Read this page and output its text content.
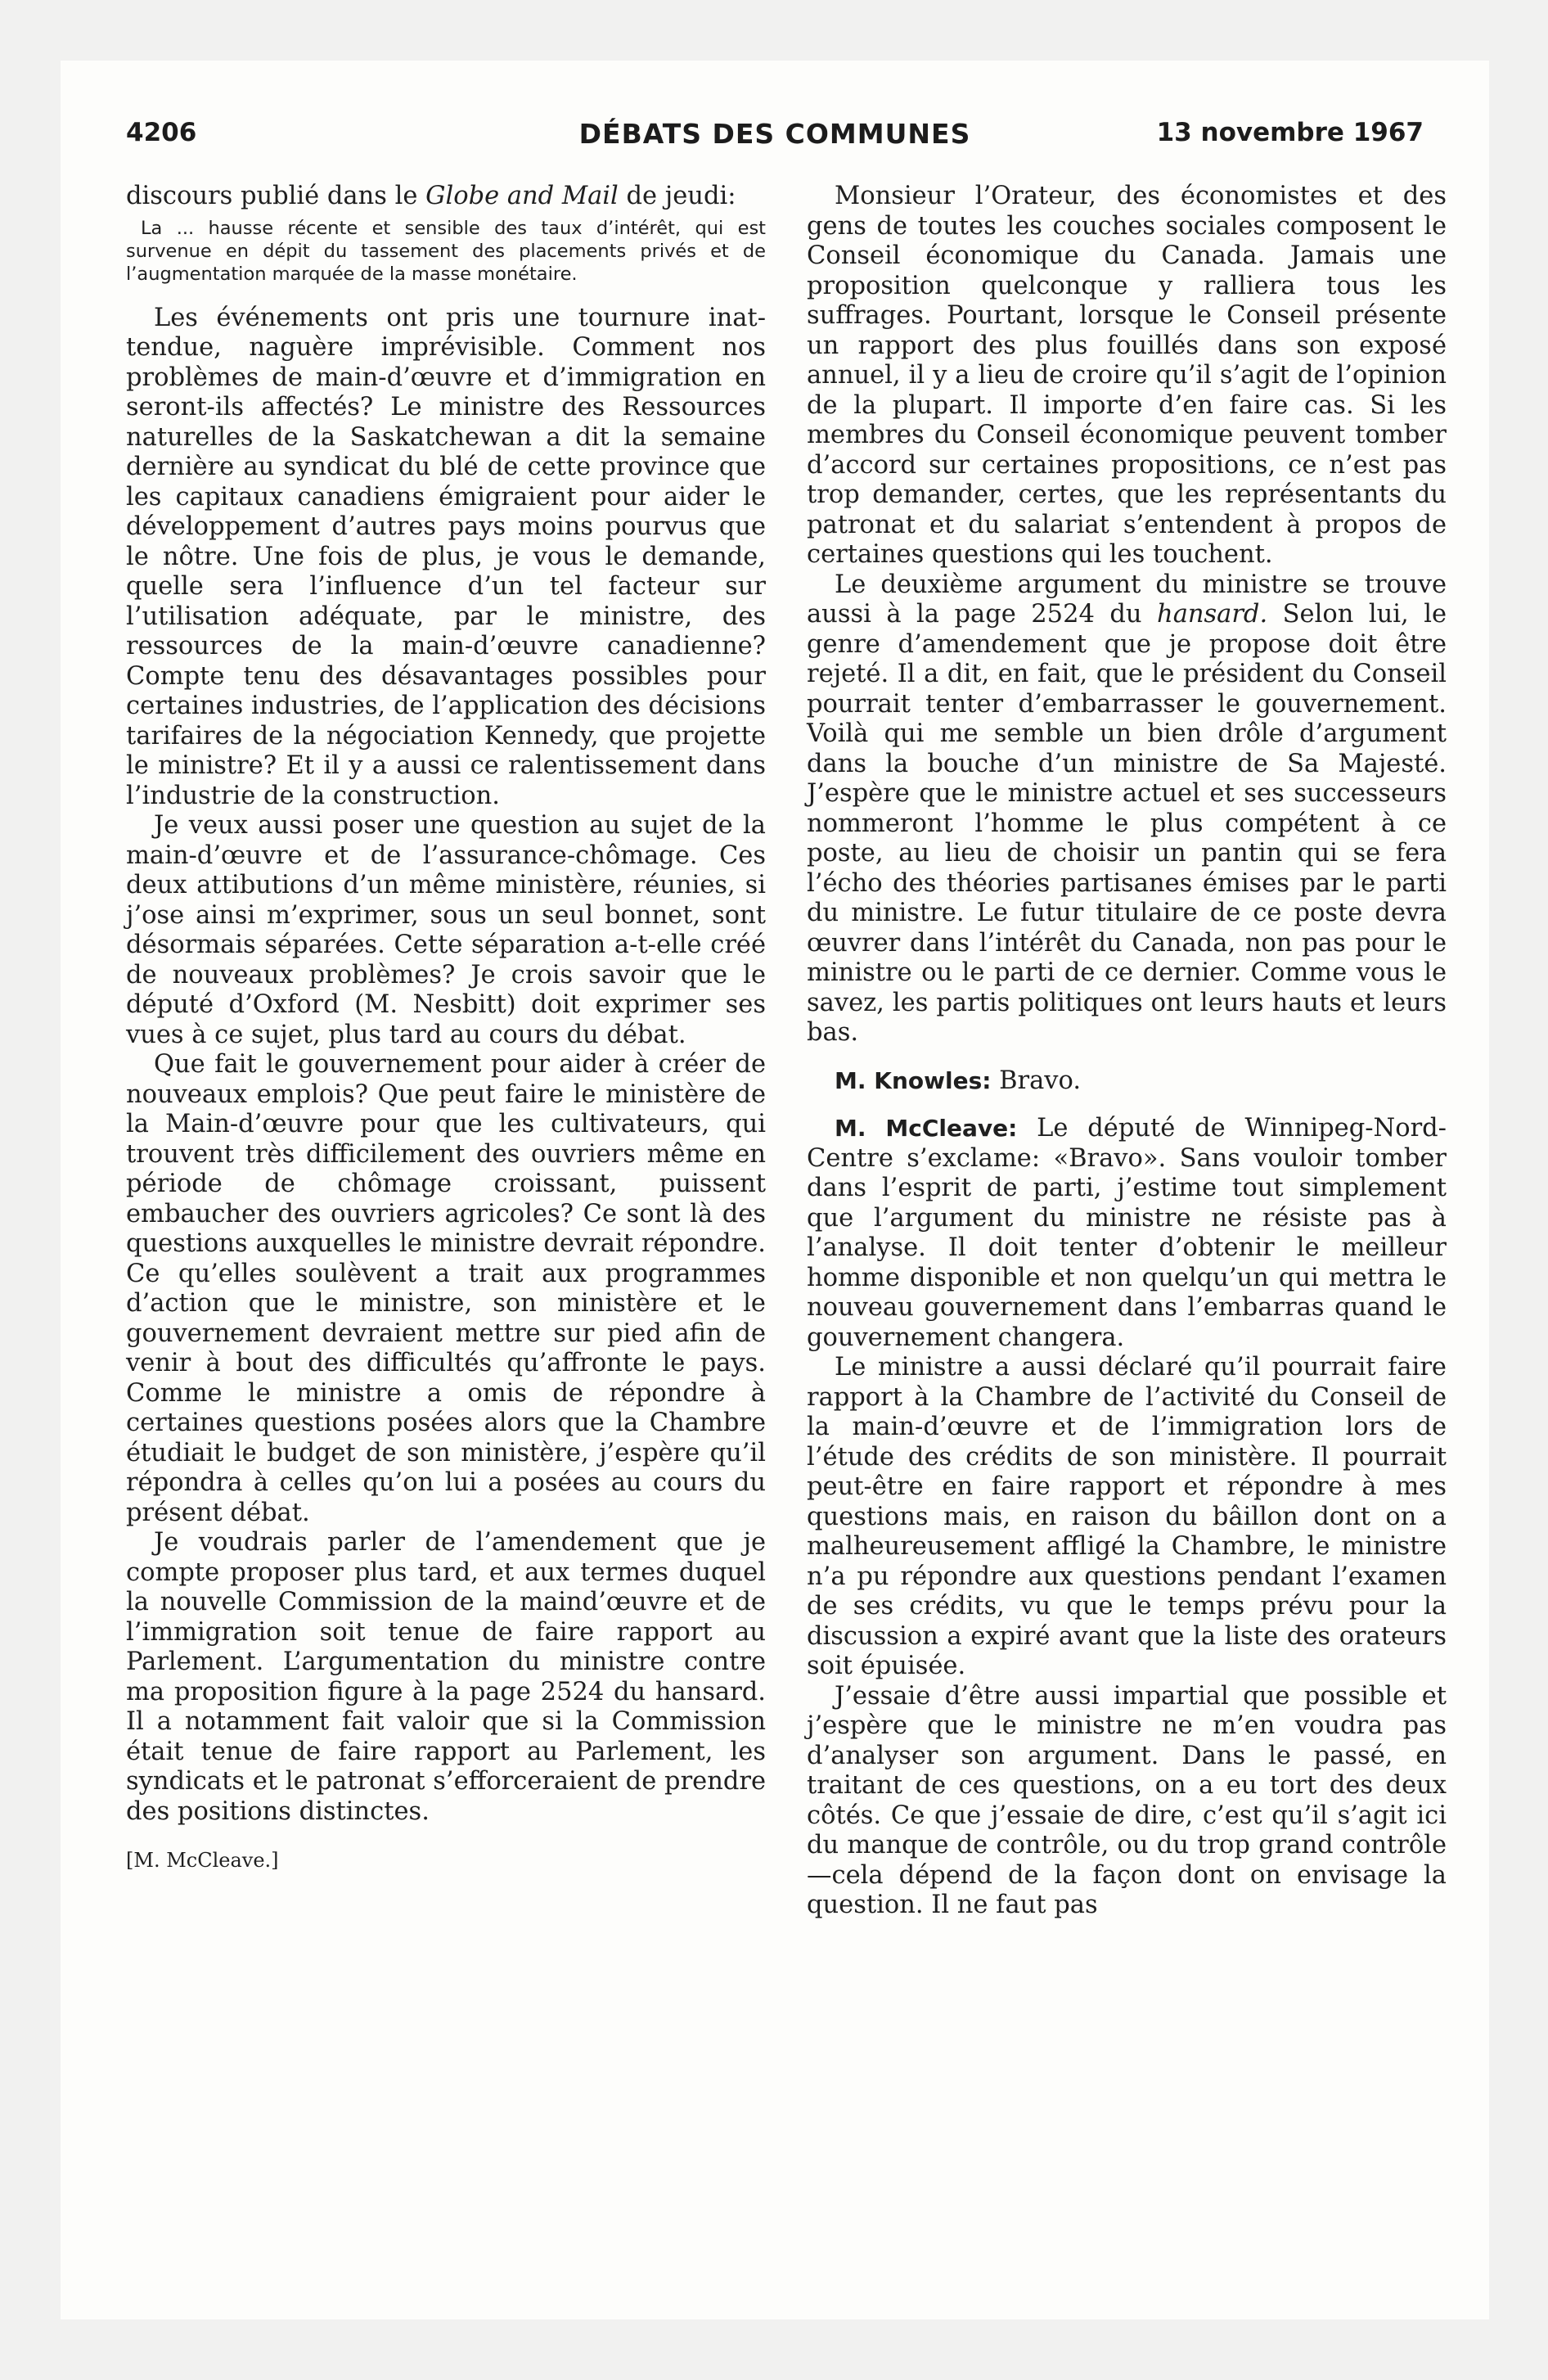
4206	DÉBATS DES COMMUNES	13 novembre 1967

discours publié dans le Globe and Mail de jeudi:

La ... hausse récente et sensible des taux d’intérêt, qui est survenue en dépit du tassement des placements privés et de l’augmentation marquée de la masse monétaire.

Les événements ont pris une tournure inattendue, naguère imprévisible. Comment nos problèmes de main-d’œuvre et d’immigration en seront-ils affectés? Le ministre des Ressources naturelles de la Saskatchewan a dit la semaine dernière au syndicat du blé de cette province que les capitaux canadiens émigraient pour aider le développement d’autres pays moins pourvus que le nôtre. Une fois de plus, je vous le demande, quelle sera l’influence d’un tel facteur sur l’utilisation adéquate, par le ministre, des ressources de la main-d’œuvre canadienne? Compte tenu des désavantages possibles pour certaines industries, de l’application des décisions tarifaires de la négociation Kennedy, que projette le ministre? Et il y a aussi ce ralentissement dans l’industrie de la construction.

Je veux aussi poser une question au sujet de la main-d’œuvre et de l’assurance-chômage. Ces deux attibutions d’un même ministère, réunies, si j’ose ainsi m’exprimer, sous un seul bonnet, sont désormais séparées. Cette séparation a-t-elle créé de nouveaux problèmes? Je crois savoir que le député d’Oxford (M. Nesbitt) doit exprimer ses vues à ce sujet, plus tard au cours du débat.

Que fait le gouvernement pour aider à créer de nouveaux emplois? Que peut faire le ministère de la Main-d’œuvre pour que les cultivateurs, qui trouvent très difficilement des ouvriers même en période de chômage croissant, puissent embaucher des ouvriers agricoles? Ce sont là des questions auxquelles le ministre devrait répondre. Ce qu’elles soulèvent a trait aux programmes d’action que le ministre, son ministère et le gouvernement devraient mettre sur pied afin de venir à bout des difficultés qu’affronte le pays. Comme le ministre a omis de répondre à certaines questions posées alors que la Chambre étudiait le budget de son ministère, j’espère qu’il répondra à celles qu’on lui a posées au cours du présent débat.

Je voudrais parler de l’amendement que je compte proposer plus tard, et aux termes duquel la nouvelle Commission de la maind’œuvre et de l’immigration soit tenue de faire rapport au Parlement. L’argumentation du ministre contre ma proposition figure à la page 2524 du hansard. Il a notamment fait valoir que si la Commission était tenue de faire rapport au Parlement, les syndicats et le patronat s’efforceraient de prendre des positions distinctes.

[M. McCleave.]

Monsieur l’Orateur, des économistes et des gens de toutes les couches sociales composent le Conseil économique du Canada. Jamais une proposition quelconque y ralliera tous les suffrages. Pourtant, lorsque le Conseil présente un rapport des plus fouillés dans son exposé annuel, il y a lieu de croire qu’il s’agit de l’opinion de la plupart. Il importe d’en faire cas. Si les membres du Conseil économique peuvent tomber d’accord sur certaines propositions, ce n’est pas trop demander, certes, que les représentants du patronat et du salariat s’entendent à propos de certaines questions qui les touchent.

Le deuxième argument du ministre se trouve aussi à la page 2524 du hansard. Selon lui, le genre d’amendement que je propose doit être rejeté. Il a dit, en fait, que le président du Conseil pourrait tenter d’embarrasser le gouvernement. Voilà qui me semble un bien drôle d’argument dans la bouche d’un ministre de Sa Majesté. J’espère que le ministre actuel et ses successeurs nommeront l’homme le plus compétent à ce poste, au lieu de choisir un pantin qui se fera l’écho des théories partisanes émises par le parti du ministre. Le futur titulaire de ce poste devra œuvrer dans l’intérêt du Canada, non pas pour le ministre ou le parti de ce dernier. Comme vous le savez, les partis politiques ont leurs hauts et leurs bas.

M. Knowles: Bravo.

M. McCleave: Le député de Winnipeg-Nord-Centre s’exclame: «Bravo». Sans vouloir tomber dans l’esprit de parti, j’estime tout simplement que l’argument du ministre ne résiste pas à l’analyse. Il doit tenter d’obtenir le meilleur homme disponible et non quelqu’un qui mettra le nouveau gouvernement dans l’embarras quand le gouvernement changera.

Le ministre a aussi déclaré qu’il pourrait faire rapport à la Chambre de l’activité du Conseil de la main-d’œuvre et de l’immigration lors de l’étude des crédits de son ministère. Il pourrait peut-être en faire rapport et répondre à mes questions mais, en raison du bâillon dont on a malheureusement affligé la Chambre, le ministre n’a pu répondre aux questions pendant l’examen de ses crédits, vu que le temps prévu pour la discussion a expiré avant que la liste des orateurs soit épuisée.

J’essaie d’être aussi impartial que possible et j’espère que le ministre ne m’en voudra pas d’analyser son argument. Dans le passé, en traitant de ces questions, on a eu tort des deux côtés. Ce que j’essaie de dire, c’est qu’il s’agit ici du manque de contrôle, ou du trop grand contrôle—cela dépend de la façon dont on envisage la question. Il ne faut pas
